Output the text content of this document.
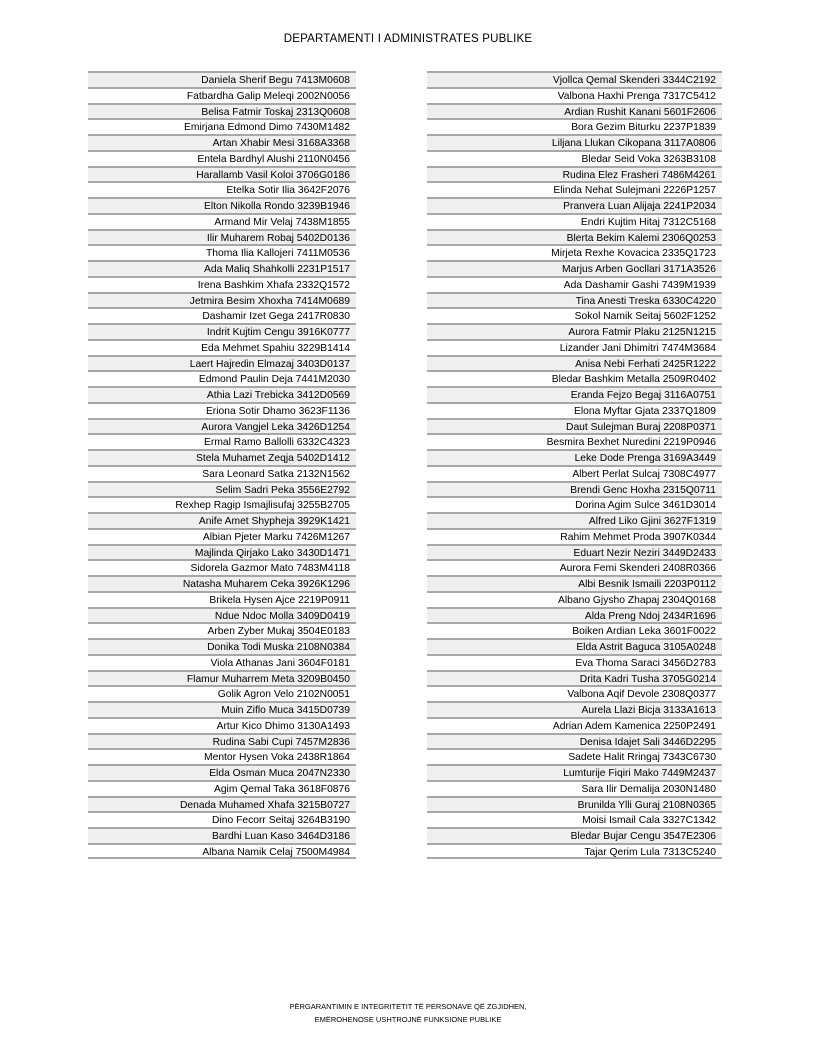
DEPARTAMENTI I ADMINISTRATES PUBLIKE
Daniela Sherif Begu 7413M0608
Fatbardha Galip Meleqi 2002N0056
Belisa Fatmir Toskaj 2313Q0608
Emirjana Edmond Dimo 7430M1482
Artan Xhabir Mesi 3168A3368
Entela Bardhyl Alushi 2110N0456
Harallamb Vasil Koloi 3706G0186
Etelka Sotir Ilia 3642F2076
Elton Nikolla Rondo 3239B1946
Armand Mir Velaj 7438M1855
Ilir Muharem Robaj 5402D0136
Thoma Ilia Kallojeri 7411M0536
Ada Maliq Shahkolli 2231P1517
Irena Bashkim Xhafa 2332Q1572
Jetmira Besim Xhoxha 7414M0689
Dashamir Izet Gega 2417R0830
Indrit Kujtim Cengu 3916K0777
Eda Mehmet Spahiu 3229B1414
Laert Hajredin Elmazaj 3403D0137
Edmond Paulin Deja 7441M2030
Athia Lazi Trebicka 3412D0569
Eriona Sotir Dhamo 3623F1136
Aurora Vangjel Leka 3426D1254
Ermal Ramo Ballolli 6332C4323
Stela Muhamet Zeqja 5402D1412
Sara Leonard Satka 2132N1562
Selim Sadri Peka 3556E2792
Rexhep Ragip Ismajlisufaj 3255B2705
Anife Amet Shypheja 3929K1421
Albian Pjeter Marku 7426M1267
Majlinda Qirjako Lako 3430D1471
Sidorela Gazmor Mato 7483M4118
Natasha Muharem Ceka 3926K1296
Brikela Hysen Ajce 2219P0911
Ndue Ndoc Molla 3409D0419
Arben Zyber Mukaj 3504E0183
Donika Todi Muska 2108N0384
Viola Athanas Jani 3604F0181
Flamur Muharrem Meta 3209B0450
Golik Agron Velo 2102N0051
Muin Ziflo Muca 3415D0739
Artur Kico Dhimo 3130A1493
Rudina Sabi Cupi 7457M2836
Mentor Hysen Voka 2438R1864
Elda Osman Muca 2047N2330
Agim Qemal Taka 3618F0876
Denada Muhamed Xhafa 3215B0727
Dino Fecorr Seitaj 3264B3190
Bardhi Luan Kaso 3464D3186
Albana Namik Celaj 7500M4984
Vjollca Qemal Skenderi 3344C2192
Valbona Haxhi Prenga 7317C5412
Ardian Rushit Kanani 5601F2606
Bora Gezim Biturku 2237P1839
Liljana Llukan Cikopana 3117A0806
Bledar Seid Voka 3263B3108
Rudina Elez Frasheri 7486M4261
Elinda Nehat Sulejmani 2226P1257
Pranvera Luan Alijaja 2241P2034
Endri Kujtim Hitaj 7312C5168
Blerta Bekim Kalemi 2306Q0253
Mirjeta Rexhe Kovacica 2335Q1723
Marjus Arben Gocllari 3171A3526
Ada Dashamir Gashi 7439M1939
Tina Anesti Treska 6330C4220
Sokol Namik Seitaj 5602F1252
Aurora Fatmir Plaku 2125N1215
Lizander Jani Dhimitri 7474M3684
Anisa Nebi Ferhati 2425R1222
Bledar Bashkim Metalla 2509R0402
Eranda Fejzo Begaj 3116A0751
Elona Myftar Gjata 2337Q1809
Daut Sulejman Buraj 2208P0371
Besmira Bexhet Nuredini 2219P0946
Leke Dode Prenga 3169A3449
Albert Perlat Sulcaj 7308C4977
Brendi Genc Hoxha 2315Q0711
Dorina Agim Sulce 3461D3014
Alfred Liko Gjini 3627F1319
Rahim Mehmet Proda 3907K0344
Eduart Nezir Neziri 3449D2433
Aurora Femi Skenderi 2408R0366
Albi Besnik Ismaili 2203P0112
Albano Gjysho Zhapaj 2304Q0168
Alda Preng Ndoj 2434R1696
Boiken Ardian Leka 3601F0022
Elda Astrit Baguca 3105A0248
Eva Thoma Saraci 3456D2783
Drita Kadri Tusha 3705G0214
Valbona Aqif Devole 2308Q0377
Aurela Llazi Bicja 3133A1613
Adrian Adem Kamenica 2250P2491
Denisa Idajet Sali 3446D2295
Sadete Halit Rringaj 7343C6730
Lumturije Fiqiri Mako 7449M2437
Sara Ilir Demalija 2030N1480
Brunilda Ylli Guraj 2108N0365
Moisi Ismail Cala 3327C1342
Bledar Bujar Cengu 3547E2306
Tajar Qerim Lula 7313C5240
PËRGARANTIMIN E INTEGRITETIT TË PERSONAVE QË ZGJIDHEN,
EMËROHENOSE USHTROJNË FUNKSIONE PUBLIKE
